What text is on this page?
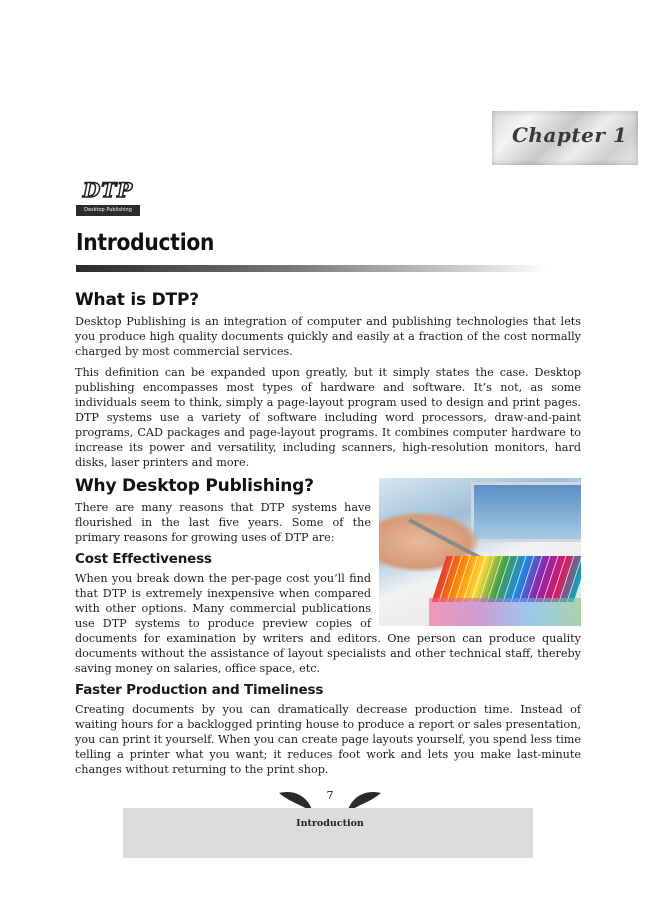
Chapter 1
DTP
Desktop Publishing
Introduction
What is DTP?

Desktop Publishing is an integration of computer and publishing technologies that lets you produce high quality documents quickly and easily at a fraction of the cost normally charged by most commercial services.

This definition can be expanded upon greatly, but it simply states the case. Desktop publishing encompasses most types of hardware and software. It’s not, as some individuals seem to think, simply a page-layout program used to design and print pages. DTP systems use a variety of software including word processors, draw-and-paint programs, CAD packages and page-layout programs. It combines computer hardware to increase its power and versatility, including scanners, high-resolution monitors, hard disks, laser printers and more.

Why Desktop Publishing?

There are many reasons that DTP systems have flourished in the last five years. Some of the primary reasons for growing uses of DTP are:

Cost Effectiveness

When you break down the per-page cost you’ll find that DTP is extremely inexpensive when compared with other options. Many commercial publications use DTP systems to produce preview copies of documents for examination by writers and editors. One person can produce quality documents without the assistance of layout specialists and other technical staff, thereby saving money on salaries, office space, etc.

Faster Production and Timeliness

Creating documents by you can dramatically decrease production time. Instead of waiting hours for a backlogged printing house to produce a report or sales presentation, you can print it yourself. When you can create page layouts yourself, you spend less time telling a printer what you want; it reduces foot work and lets you make last-minute changes without returning to the print shop.

7
Introduction
